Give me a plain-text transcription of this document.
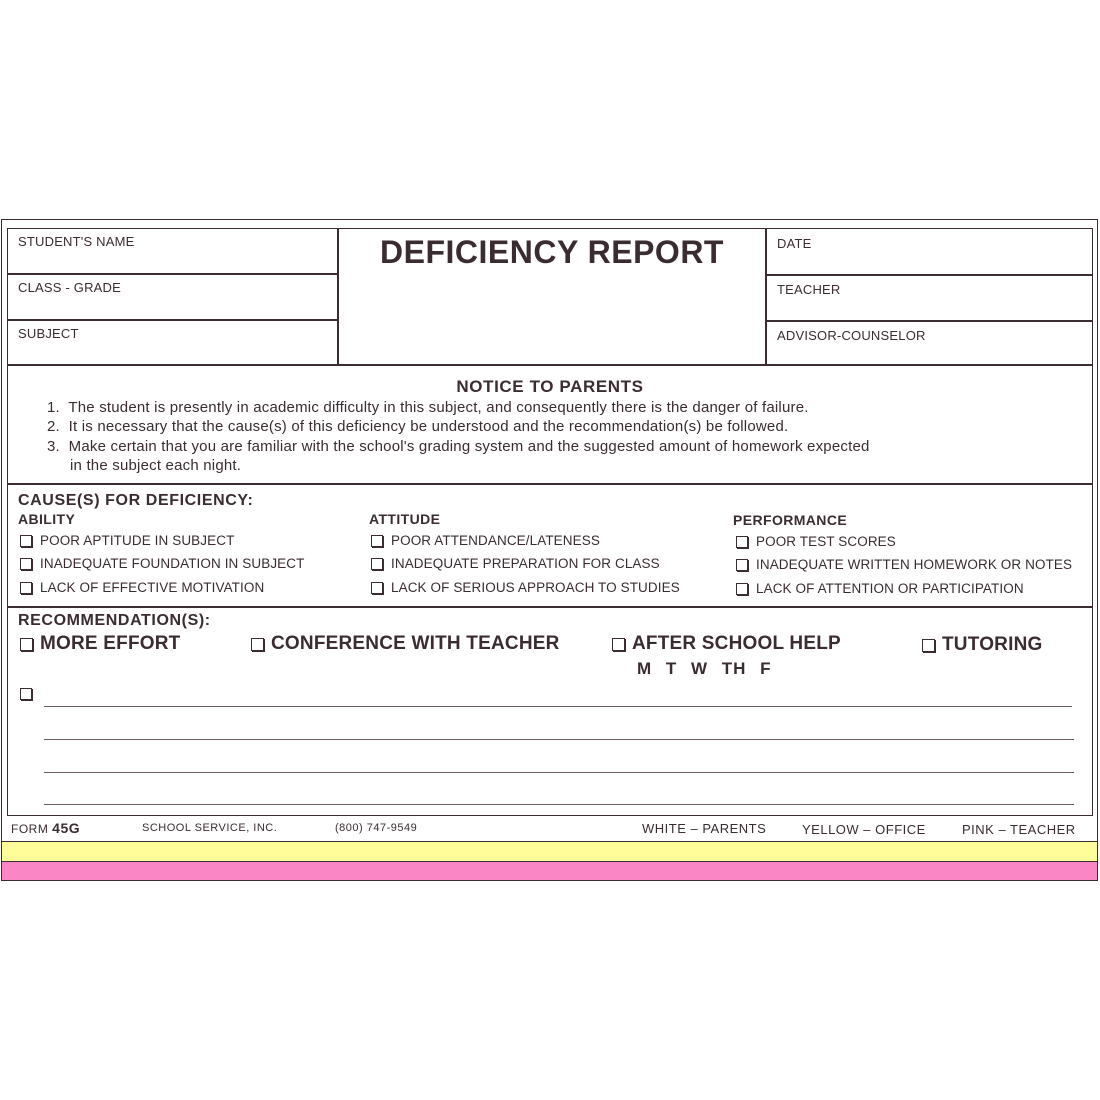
STUDENT'S NAME
CLASS - GRADE
SUBJECT
DEFICIENCY REPORT	DATE
TEACHER
ADVISOR-COUNSELOR
NOTICE TO PARENTS
1.  The student is presently in academic difficulty in this subject, and consequently there is the danger of failure.
2.  It is necessary that the cause(s) of this deficiency be understood and the recommendation(s) be followed.
3.  Make certain that you are familiar with the school's grading system and the suggested amount of homework expected
in the subject each night.
CAUSE(S) FOR DEFICIENCY:
ABILITY
POOR APTITUDE IN SUBJECT
INADEQUATE FOUNDATION IN SUBJECT
LACK OF EFFECTIVE MOTIVATION
ATTITUDE
POOR ATTENDANCE/LATENESS
INADEQUATE PREPARATION FOR CLASS
LACK OF SERIOUS APPROACH TO STUDIES
PERFORMANCE
POOR TEST SCORES
INADEQUATE WRITTEN HOMEWORK OR NOTES
LACK OF ATTENTION OR PARTICIPATION
RECOMMENDATION(S):
MORE EFFORT	CONFERENCE WITH TEACHER	AFTER SCHOOL HELP	TUTORING
M T W TH F
FORM 45G	SCHOOL SERVICE, INC.	(800) 747-9549	WHITE – PARENTS	YELLOW – OFFICE	PINK – TEACHER
